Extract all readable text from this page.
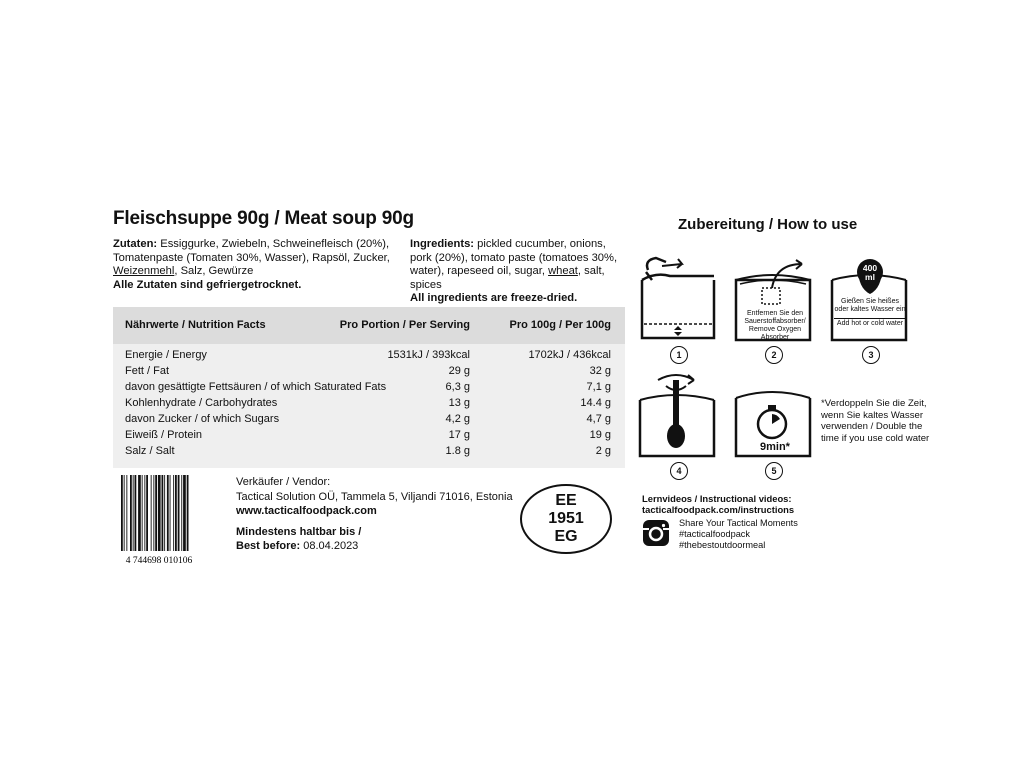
Fleischsuppe 90g / Meat soup 90g
Zutaten: Essiggurke, Zwiebeln, Schweinefleisch (20%), Tomatenpaste (Tomaten 30%, Wasser), Rapsöl, Zucker, Weizenmehl, Salz, Gewürze
Alle Zutaten sind gefriergetrocknet.
Ingredients: pickled cucumber, onions, pork (20%), tomato paste (tomatoes 30%, water), rapeseed oil, sugar, wheat, salt, spices
All ingredients are freeze-dried.
Nährwerte / Nutrition Facts	Pro Portion / Per Serving	Pro 100g / Per 100g
Energie / Energy	1531kJ / 393kcal	1702kJ / 436kcal
Fett / Fat	29 g	32 g
davon gesättigte Fettsäuren / of which Saturated Fats	6,3 g	7,1 g
Kohlenhydrate / Carbohydrates	13 g	14.4 g
davon Zucker / of which Sugars	4,2 g	4,7 g
Eiweiß / Protein	17 g	19 g
Salz / Salt	1.8 g	2 g
4 744698 010106
Verkäufer / Vendor:
Tactical Solution OÜ, Tammela 5, Viljandi 71016, Estonia
www.tacticalfoodpack.com
Mindestens haltbar bis /
Best before: 08.04.2023
EE
1951
EG
Zubereitung / How to use
1
Entfernen Sie den Sauerstoffabsorber/ Remove Oxygen Absorber
2
400
ml
Gießen Sie heißes oder kaltes Wasser ein
Add hot or cold water
3
4
9min*
5
*Verdoppeln Sie die Zeit, wenn Sie kaltes Wasser verwenden / Double the time if you use cold water
Lernvideos / Instructional videos:
tacticalfoodpack.com/instructions
Share Your Tactical Moments
#tacticalfoodpack
#thebestoutdoormeal
